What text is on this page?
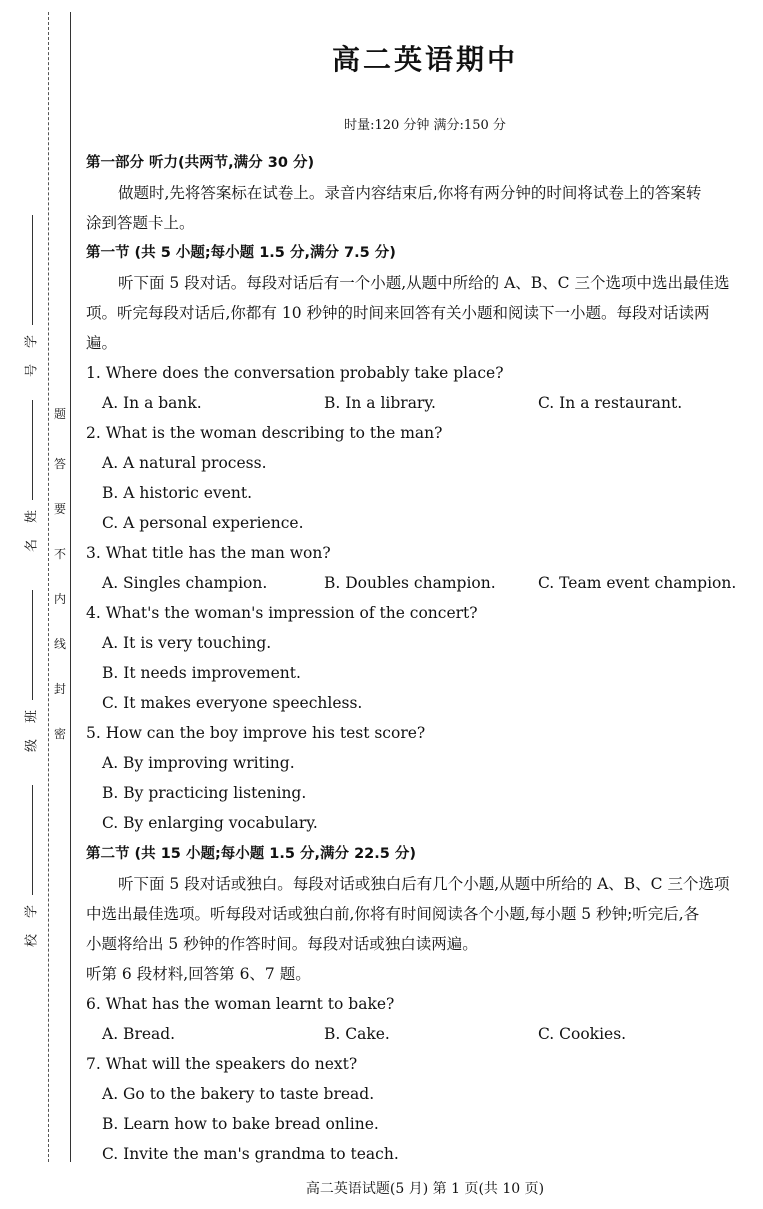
学
号
姓
名
班
级
学
校
题
答
要
不
内
线
封
密
高二英语期中
时量:120 分钟 满分:150 分
第一部分 听力(共两节,满分 30 分)
做题时,先将答案标在试卷上。录音内容结束后,你将有两分钟的时间将试卷上的答案转
涂到答题卡上。
第一节 (共 5 小题;每小题 1.5 分,满分 7.5 分)
听下面 5 段对话。每段对话后有一个小题,从题中所给的 A、B、C 三个选项中选出最佳选
项。听完每段对话后,你都有 10 秒钟的时间来回答有关小题和阅读下一小题。每段对话读两
遍。
1. Where does the conversation probably take place?
A. In a bank.	B. In a library.	C. In a restaurant.
2. What is the woman describing to the man?
A. A natural process.
B. A historic event.
C. A personal experience.
3. What title has the man won?
A. Singles champion.	B. Doubles champion.	C. Team event champion.
4. What's the woman's impression of the concert?
A. It is very touching.
B. It needs improvement.
C. It makes everyone speechless.
5. How can the boy improve his test score?
A. By improving writing.
B. By practicing listening.
C. By enlarging vocabulary.
第二节 (共 15 小题;每小题 1.5 分,满分 22.5 分)
听下面 5 段对话或独白。每段对话或独白后有几个小题,从题中所给的 A、B、C 三个选项
中选出最佳选项。听每段对话或独白前,你将有时间阅读各个小题,每小题 5 秒钟;听完后,各
小题将给出 5 秒钟的作答时间。每段对话或独白读两遍。
听第 6 段材料,回答第 6、7 题。
6. What has the woman learnt to bake?
A. Bread.	B. Cake.	C. Cookies.
7. What will the speakers do next?
A. Go to the bakery to taste bread.
B. Learn how to bake bread online.
C. Invite the man's grandma to teach.
高二英语试题(5 月) 第 1 页(共 10 页)
